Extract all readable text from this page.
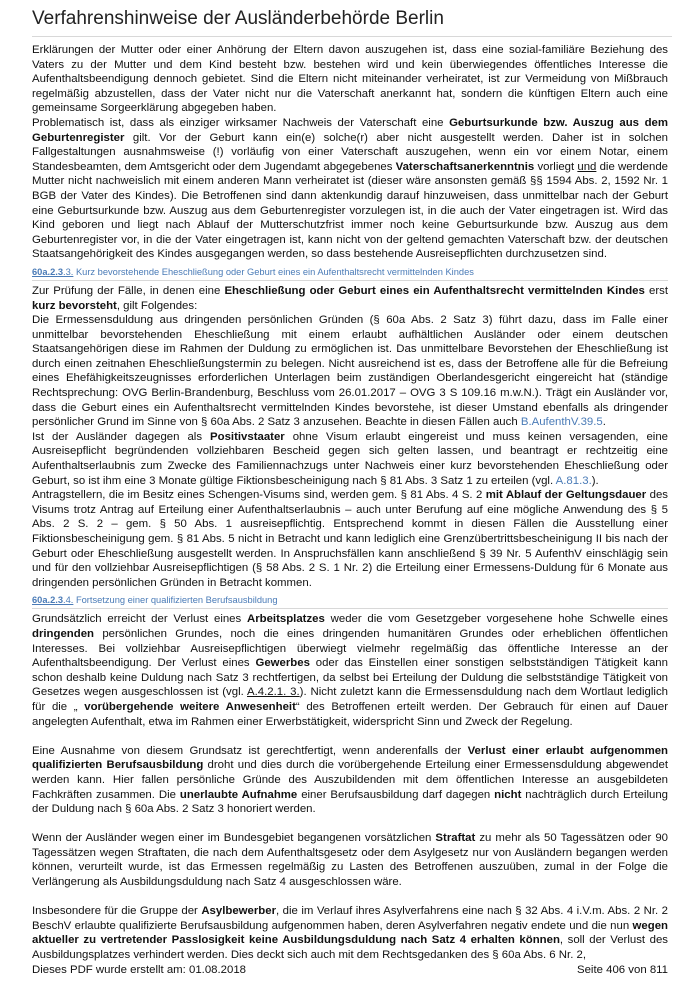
Verfahrenshinweise der Ausländerbehörde Berlin

Erklärungen der Mutter oder einer Anhörung der Eltern davon auszugehen ist, dass eine sozial-familiäre Beziehung des Vaters zu der Mutter und dem Kind besteht bzw. bestehen wird und kein überwiegendes öffentliches Interesse die Aufenthaltsbeendigung dennoch gebietet. Sind die Eltern nicht miteinander verheiratet, ist zur Vermeidung von Mißbrauch regelmäßig abzustellen, dass der Vater nicht nur die Vaterschaft anerkannt hat, sondern die künftigen Eltern auch eine gemeinsame Sorgeerklärung abgegeben haben.

Problematisch ist, dass als einziger wirksamer Nachweis der Vaterschaft eine Geburtsurkunde bzw. Auszug aus dem Geburtenregister gilt. Vor der Geburt kann ein(e) solche(r) aber nicht ausgestellt werden. Daher ist in solchen Fallgestaltungen ausnahmsweise (!) vorläufig von einer Vaterschaft auszugehen, wenn ein vor einem Notar, einem Standesbeamten, dem Amtsgericht oder dem Jugendamt abgegebenes Vaterschaftsanerkenntnis vorliegt und die werdende Mutter nicht nachweislich mit einem anderen Mann verheiratet ist (dieser wäre ansonsten gemäß §§ 1594 Abs. 2, 1592 Nr. 1 BGB der Vater des Kindes). Die Betroffenen sind dann aktenkundig darauf hinzuweisen, dass unmittelbar nach der Geburt eine Geburtsurkunde bzw. Auszug aus dem Geburtenregister vorzulegen ist, in die auch der Vater eingetragen ist. Wird das Kind geboren und liegt nach Ablauf der Mutterschutzfrist immer noch keine Geburtsurkunde bzw. Auszug aus dem Geburtenregister vor, in die der Vater eingetragen ist, kann nicht von der geltend gemachten Vaterschaft bzw. der deutschen Staatsangehörigkeit des Kindes ausgegangen werden, so dass bestehende Ausreisepflichten durchzusetzen sind.

60a.2.3.3. Kurz bevorstehende Eheschließung oder Geburt eines ein Aufenthaltsrecht vermittelnden Kindes

Zur Prüfung der Fälle, in denen eine Eheschließung oder Geburt eines ein Aufenthaltsrecht vermittelnden Kindes erst kurz bevorsteht, gilt Folgendes:

Die Ermessensduldung aus dringenden persönlichen Gründen (§ 60a Abs. 2 Satz 3) führt dazu, dass im Falle einer unmittelbar bevorstehenden Eheschließung mit einem erlaubt aufhältlichen Ausländer oder einem deutschen Staatsangehörigen diese im Rahmen der Duldung zu ermöglichen ist. Das unmittelbare Bevorstehen der Eheschließung ist durch einen zeitnahen Eheschließungstermin zu belegen. Nicht ausreichend ist es, dass der Betroffene alle für die Befreiung eines Ehefähigkeitszeugnisses erforderlichen Unterlagen beim zuständigen Oberlandesgericht eingereicht hat (ständige Rechtsprechung: OVG Berlin-Brandenburg, Beschluss vom 26.01.2017 – OVG 3 S 109.16 m.w.N.). Trägt ein Ausländer vor, dass die Geburt eines ein Aufenthaltsrecht vermittelnden Kindes bevorstehe, ist dieser Umstand ebenfalls als dringender persönlicher Grund im Sinne von § 60a Abs. 2 Satz 3 anzusehen. Beachte in diesen Fällen auch B.AufenthV.39.5.

Ist der Ausländer dagegen als Positivstaater ohne Visum erlaubt eingereist und muss keinen versagenden, eine Ausreisepflicht begründenden vollziehbaren Bescheid gegen sich gelten lassen, und beantragt er rechtzeitig eine Aufenthaltserlaubnis zum Zwecke des Familiennachzugs unter Nachweis einer kurz bevorstehenden Eheschließung oder Geburt, so ist ihm eine 3 Monate gültige Fiktionsbescheinigung nach § 81 Abs. 3 Satz 1 zu erteilen (vgl. A.81.3.).

Antragstellern, die im Besitz eines Schengen-Visums sind, werden gem. § 81 Abs. 4 S. 2 mit Ablauf der Geltungsdauer des Visums trotz Antrag auf Erteilung einer Aufenthaltserlaubnis – auch unter Berufung auf eine mögliche Anwendung des § 5 Abs. 2 S. 2 – gem. § 50 Abs. 1 ausreisepflichtig. Entsprechend kommt in diesen Fällen die Ausstellung einer Fiktionsbescheinigung gem. § 81 Abs. 5 nicht in Betracht und kann lediglich eine Grenzübertrittsbescheinigung II bis nach der Geburt oder Eheschließung ausgestellt werden. In Anspruchsfällen kann anschließend § 39 Nr. 5 AufenthV einschlägig sein und für den vollziehbar Ausreisepflichtigen (§ 58 Abs. 2 S. 1 Nr. 2) die Erteilung einer Ermessens-Duldung für 6 Monate aus dringenden persönlichen Gründen in Betracht kommen.

60a.2.3.4. Fortsetzung einer qualifizierten Berufsausbildung

Grundsätzlich erreicht der Verlust eines Arbeitsplatzes weder die vom Gesetzgeber vorgesehene hohe Schwelle eines dringenden persönlichen Grundes, noch die eines dringenden humanitären Grundes oder erheblichen öffentlichen Interesses. Bei vollziehbar Ausreisepflichtigen überwiegt vielmehr regelmäßig das öffentliche Interesse an der Aufenthaltsbeendigung. Der Verlust eines Gewerbes oder das Einstellen einer sonstigen selbstständigen Tätigkeit kann schon deshalb keine Duldung nach Satz 3 rechtfertigen, da selbst bei Erteilung der Duldung die selbstständige Tätigkeit von Gesetzes wegen ausgeschlossen ist (vgl. A.4.2.1. 3.). Nicht zuletzt kann die Ermessensduldung nach dem Wortlaut lediglich für die „ vorübergehende weitere Anwesenheit“ des Betroffenen erteilt werden. Der Gebrauch für einen auf Dauer angelegten Aufenthalt, etwa im Rahmen einer Erwerbstätigkeit, widerspricht Sinn und Zweck der Regelung.

Eine Ausnahme von diesem Grundsatz ist gerechtfertigt, wenn anderenfalls der Verlust einer erlaubt aufgenommen qualifizierten Berufsausbildung droht und dies durch die vorübergehende Erteilung einer Ermessensduldung abgewendet werden kann. Hier fallen persönliche Gründe des Auszubildenden mit dem öffentlichen Interesse an ausgebildeten Fachkräften zusammen. Die unerlaubte Aufnahme einer Berufsausbildung darf dagegen nicht nachträglich durch Erteilung der Duldung nach § 60a Abs. 2 Satz 3 honoriert werden.

Wenn der Ausländer wegen einer im Bundesgebiet begangenen vorsätzlichen Straftat zu mehr als 50 Tagessätzen oder 90 Tagessätzen wegen Straftaten, die nach dem Aufenthaltsgesetz oder dem Asylgesetz nur von Ausländern begangen werden können, verurteilt wurde, ist das Ermessen regelmäßig zu Lasten des Betroffenen auszuüben, zumal in der Folge die Verlängerung als Ausbildungsduldung nach Satz 4 ausgeschlossen wäre.

Insbesondere für die Gruppe der Asylbewerber, die im Verlauf ihres Asylverfahrens eine nach § 32 Abs. 4 i.V.m. Abs. 2 Nr. 2 BeschV erlaubte qualifizierte Berufsausbildung aufgenommen haben, deren Asylverfahren negativ endete und die nun wegen aktueller zu vertretender Passlosigkeit keine Ausbildungsduldung nach Satz 4 erhalten können, soll der Verlust des Ausbildungsplatzes verhindert werden. Dies deckt sich auch mit dem Rechtsgedanken des § 60a Abs. 6 Nr. 2,

Dieses PDF wurde erstellt am: 01.08.2018	Seite 406 von 811
